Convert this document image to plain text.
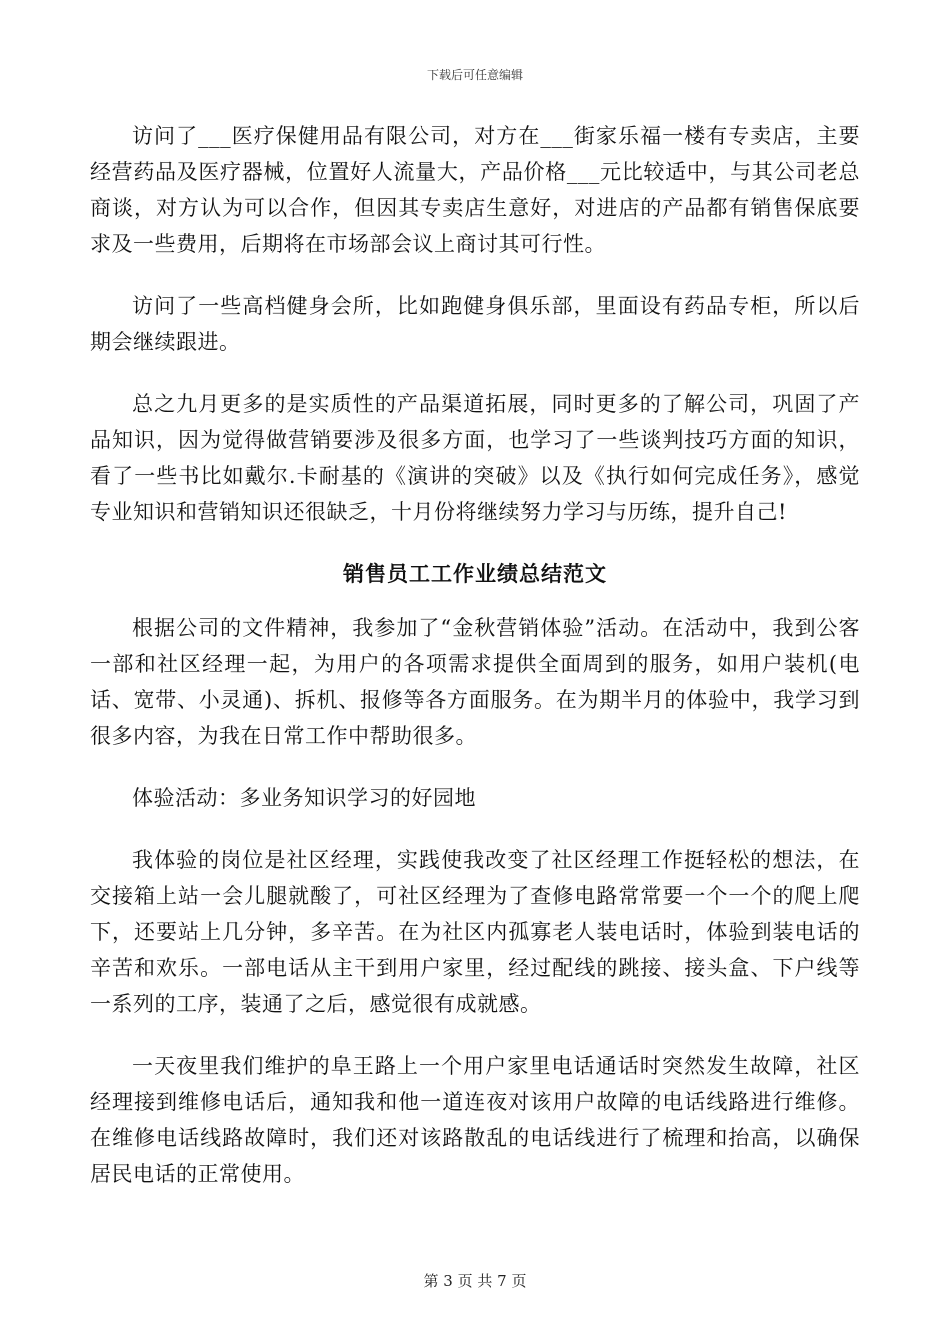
下载后可任意编辑

访问了___医疗保健用品有限公司，对方在___街家乐福一楼有专卖店，主要经营药品及医疗器械，位置好人流量大，产品价格___元比较适中，与其公司老总商谈，对方认为可以合作，但因其专卖店生意好，对进店的产品都有销售保底要求及一些费用，后期将在市场部会议上商讨其可行性。

访问了一些高档健身会所，比如跑健身俱乐部，里面设有药品专柜，所以后期会继续跟进。

总之九月更多的是实质性的产品渠道拓展，同时更多的了解公司，巩固了产品知识，因为觉得做营销要涉及很多方面，也学习了一些谈判技巧方面的知识，看了一些书比如戴尔.卡耐基的《演讲的突破》以及《执行如何完成任务》，感觉专业知识和营销知识还很缺乏，十月份将继续努力学习与历练，提升自己!

销售员工工作业绩总结范文

根据公司的文件精神，我参加了“金秋营销体验”活动。在活动中，我到公客一部和社区经理一起，为用户的各项需求提供全面周到的服务，如用户装机(电话、宽带、小灵通)、拆机、报修等各方面服务。在为期半月的体验中，我学习到很多内容，为我在日常工作中帮助很多。

体验活动：多业务知识学习的好园地

我体验的岗位是社区经理，实践使我改变了社区经理工作挺轻松的想法，在交接箱上站一会儿腿就酸了，可社区经理为了查修电路常常要一个一个的爬上爬下，还要站上几分钟，多辛苦。在为社区内孤寡老人装电话时，体验到装电话的辛苦和欢乐。一部电话从主干到用户家里，经过配线的跳接、接头盒、下户线等一系列的工序，装通了之后，感觉很有成就感。

一天夜里我们维护的阜王路上一个用户家里电话通话时突然发生故障，社区经理接到维修电话后，通知我和他一道连夜对该用户故障的电话线路进行维修。在维修电话线路故障时，我们还对该路散乱的电话线进行了梳理和抬高，以确保居民电话的正常使用。

第 3 页 共 7 页
